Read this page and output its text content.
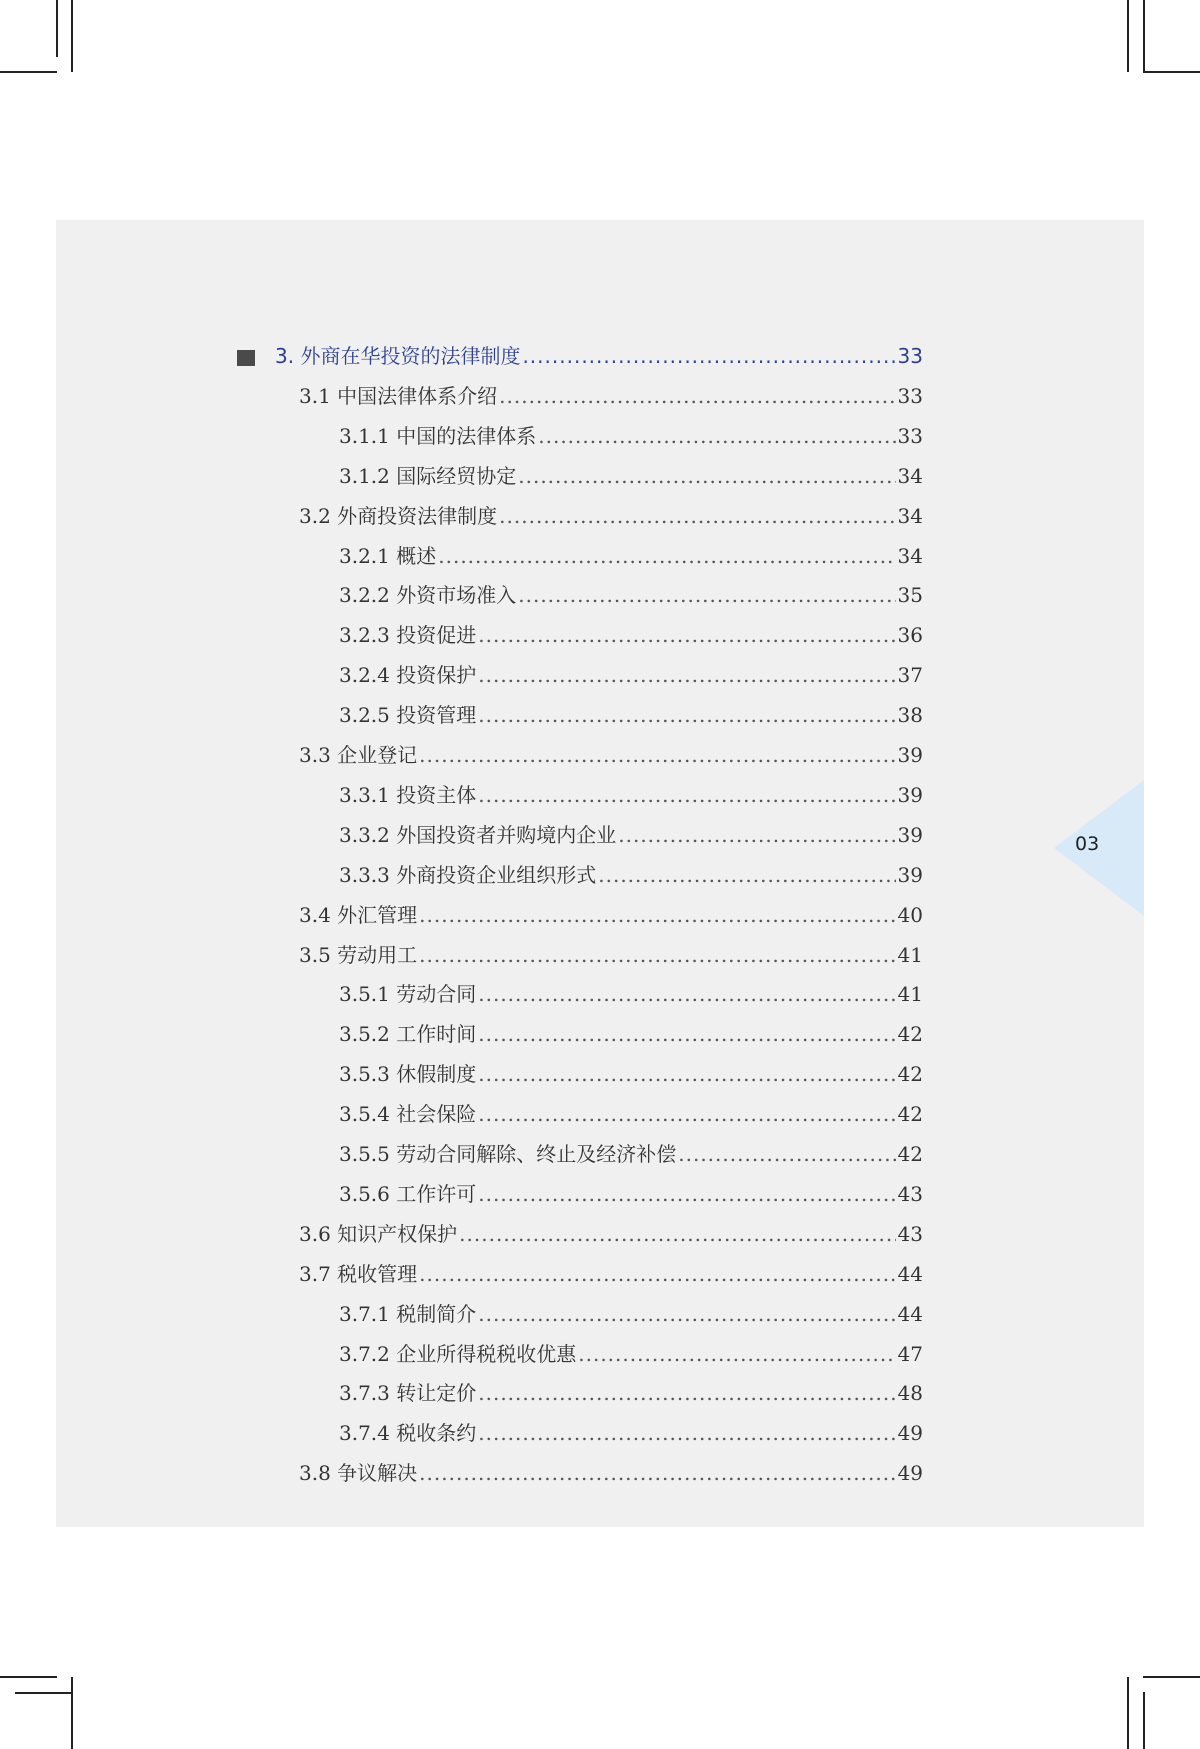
3. 外商在华投资的法律制度 .....	33
3.1 中国法律体系介绍 .....	33
3.1.1 中国的法律体系 .....	33
3.1.2 国际经贸协定 .....	34
3.2 外商投资法律制度 .....	34
3.2.1 概述 .....	34
3.2.2 外资市场准入 .....	35
3.2.3 投资促进 .....	36
3.2.4 投资保护 .....	37
3.2.5 投资管理 .....	38
3.3 企业登记 .....	39
3.3.1 投资主体 .....	39
3.3.2 外国投资者并购境内企业 .....	39
3.3.3 外商投资企业组织形式 .....	39
3.4 外汇管理 .....	40
3.5 劳动用工 .....	41
3.5.1 劳动合同 .....	41
3.5.2 工作时间 .....	42
3.5.3 休假制度 .....	42
3.5.4 社会保险 .....	42
3.5.5 劳动合同解除、终止及经济补偿 .....	42
3.5.6 工作许可 .....	43
3.6 知识产权保护 .....	43
3.7 税收管理 .....	44
3.7.1 税制简介 .....	44
3.7.2 企业所得税税收优惠 .....	47
3.7.3 转让定价 .....	48
3.7.4 税收条约 .....	49
3.8 争议解决 .....	49
03
